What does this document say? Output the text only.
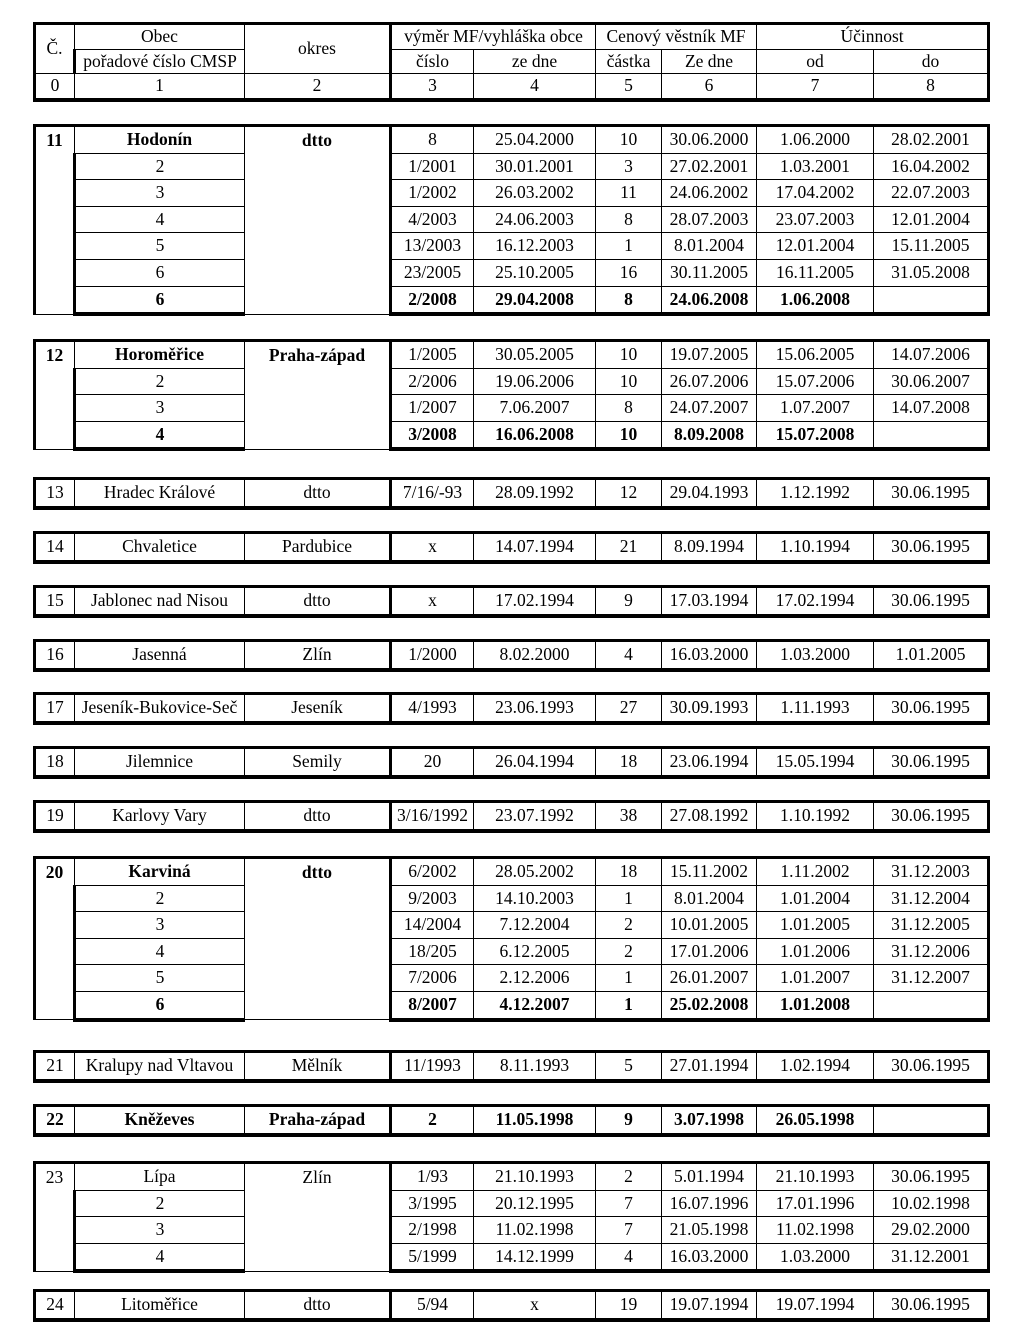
Č.	Obec	okres	výměr MF/vyhláška obce		Cenový věstník MF		Účinnost	
	pořadové číslo CMSP		číslo	ze dne	částka	Ze dne	od	do
0	1	2	3	4	5	6	7	8
11	Hodonín	dtto	8	25.04.2000	10	30.06.2000	1.06.2000	28.02.2001
	2		1/2001	30.01.2001	3	27.02.2001	1.03.2001	16.04.2002
	3		1/2002	26.03.2002	11	24.06.2002	17.04.2002	22.07.2003
	4		4/2003	24.06.2003	8	28.07.2003	23.07.2003	12.01.2004
	5		13/2003	16.12.2003	1	8.01.2004	12.01.2004	15.11.2005
	6		23/2005	25.10.2005	16	30.11.2005	16.11.2005	31.05.2008
	6		2/2008	29.04.2008	8	24.06.2008	1.06.2008	
12	Horoměřice	Praha-západ	1/2005	30.05.2005	10	19.07.2005	15.06.2005	14.07.2006
	2		2/2006	19.06.2006	10	26.07.2006	15.07.2006	30.06.2007
	3		1/2007	7.06.2007	8	24.07.2007	1.07.2007	14.07.2008
	4		3/2008	16.06.2008	10	8.09.2008	15.07.2008	
13	Hradec Králové	dtto	7/16/-93	28.09.1992	12	29.04.1993	1.12.1992	30.06.1995
14	Chvaletice	Pardubice	x	14.07.1994	21	8.09.1994	1.10.1994	30.06.1995
15	Jablonec nad Nisou	dtto	x	17.02.1994	9	17.03.1994	17.02.1994	30.06.1995
16	Jasenná	Zlín	1/2000	8.02.2000	4	16.03.2000	1.03.2000	1.01.2005
17	Jeseník-Bukovice-Seč	Jeseník	4/1993	23.06.1993	27	30.09.1993	1.11.1993	30.06.1995
18	Jilemnice	Semily	20	26.04.1994	18	23.06.1994	15.05.1994	30.06.1995
19	Karlovy Vary	dtto	3/16/1992	23.07.1992	38	27.08.1992	1.10.1992	30.06.1995
20	Karviná	dtto	6/2002	28.05.2002	18	15.11.2002	1.11.2002	31.12.2003
	2		9/2003	14.10.2003	1	8.01.2004	1.01.2004	31.12.2004
	3		14/2004	7.12.2004	2	10.01.2005	1.01.2005	31.12.2005
	4		18/205	6.12.2005	2	17.01.2006	1.01.2006	31.12.2006
	5		7/2006	2.12.2006	1	26.01.2007	1.01.2007	31.12.2007
	6		8/2007	4.12.2007	1	25.02.2008	1.01.2008	
21	Kralupy nad Vltavou	Mělník	11/1993	8.11.1993	5	27.01.1994	1.02.1994	30.06.1995
22	Kněževes	Praha-západ	2	11.05.1998	9	3.07.1998	26.05.1998	
23	Lípa	Zlín	1/93	21.10.1993	2	5.01.1994	21.10.1993	30.06.1995
	2		3/1995	20.12.1995	7	16.07.1996	17.01.1996	10.02.1998
	3		2/1998	11.02.1998	7	21.05.1998	11.02.1998	29.02.2000
	4		5/1999	14.12.1999	4	16.03.2000	1.03.2000	31.12.2001
24	Litoměřice	dtto	5/94	x	19	19.07.1994	19.07.1994	30.06.1995
